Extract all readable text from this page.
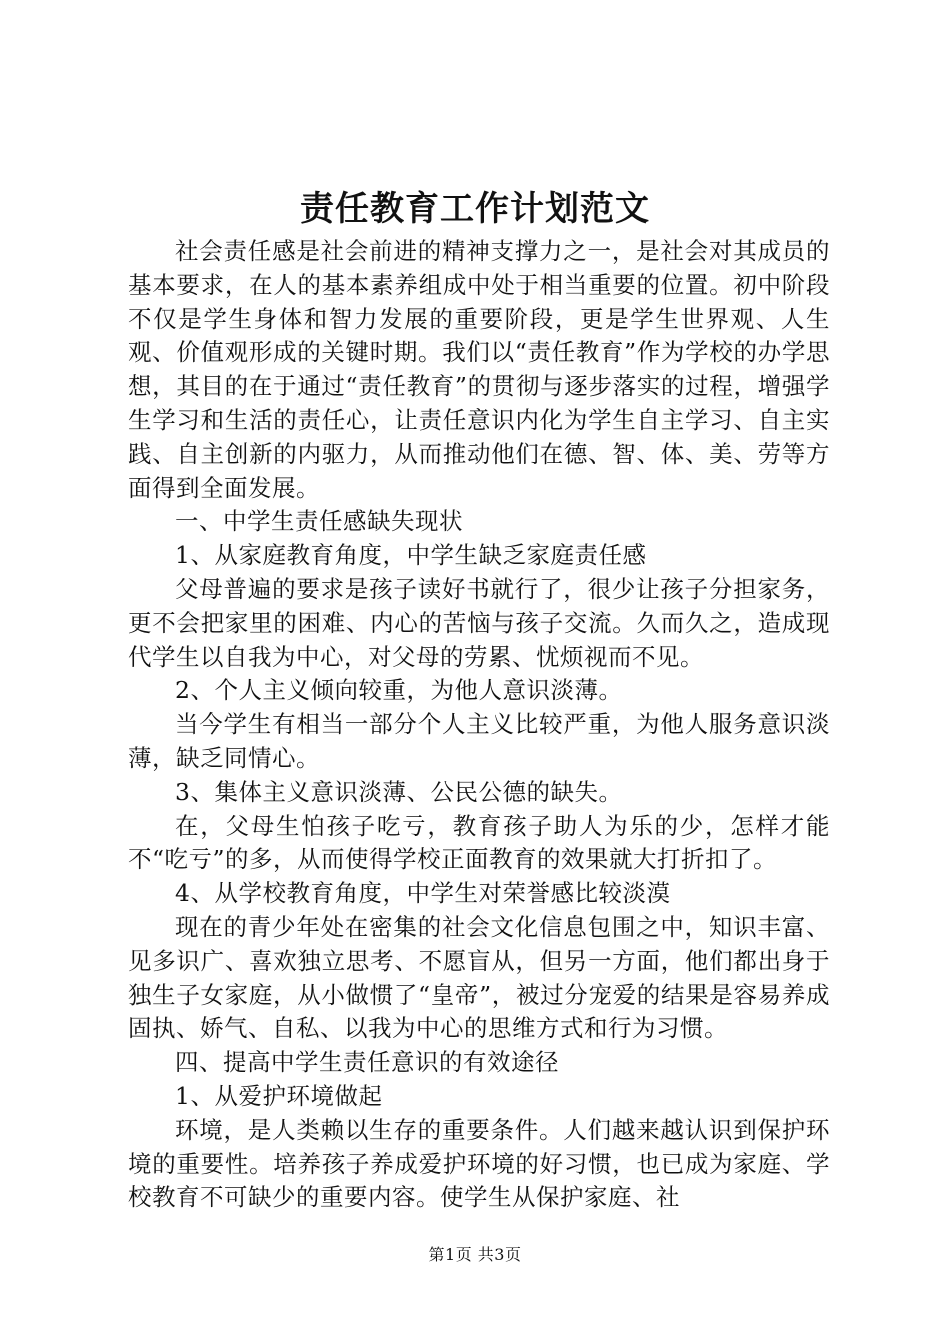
责任教育工作计划范文

社会责任感是社会前进的精神支撑力之一，是社会对其成员的基本要求，在人的基本素养组成中处于相当重要的位置。初中阶段不仅是学生身体和智力发展的重要阶段，更是学生世界观、人生观、价值观形成的关键时期。我们以“责任教育”作为学校的办学思想，其目的在于通过“责任教育”的贯彻与逐步落实的过程，增强学生学习和生活的责任心，让责任意识内化为学生自主学习、自主实践、自主创新的内驱力，从而推动他们在德、智、体、美、劳等方面得到全面发展。

一、中学生责任感缺失现状

1、从家庭教育角度，中学生缺乏家庭责任感

父母普遍的要求是孩子读好书就行了，很少让孩子分担家务，更不会把家里的困难、内心的苦恼与孩子交流。久而久之，造成现代学生以自我为中心，对父母的劳累、忧烦视而不见。

2、个人主义倾向较重，为他人意识淡薄。

当今学生有相当一部分个人主义比较严重，为他人服务意识淡薄，缺乏同情心。

3、集体主义意识淡薄、公民公德的缺失。

在，父母生怕孩子吃亏，教育孩子助人为乐的少，怎样才能不“吃亏”的多，从而使得学校正面教育的效果就大打折扣了。

4、从学校教育角度，中学生对荣誉感比较淡漠

现在的青少年处在密集的社会文化信息包围之中，知识丰富、见多识广、喜欢独立思考、不愿盲从，但另一方面，他们都出身于独生子女家庭，从小做惯了“皇帝”，被过分宠爱的结果是容易养成固执、娇气、自私、以我为中心的思维方式和行为习惯。

四、提高中学生责任意识的有效途径

1、从爱护环境做起

环境，是人类赖以生存的重要条件。人们越来越认识到保护环境的重要性。培养孩子养成爱护环境的好习惯，也已成为家庭、学校教育不可缺少的重要内容。使学生从保护家庭、社

第1页 共3页
